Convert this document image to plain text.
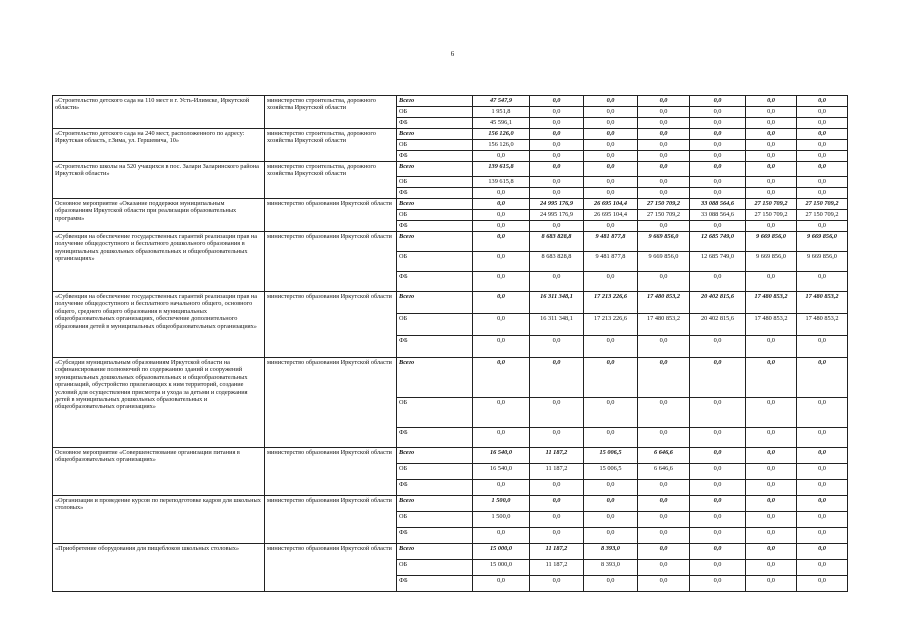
6
«Строительство детского сада на 110 мест в г. Усть-Илимске, Иркутской области»	министерство строительства, дорожного хозяйства Иркутской области	Всего	47 547,9	0,0	0,0	0,0	0,0	0,0	0,0
		ОБ	1 951,8	0,0	0,0	0,0	0,0	0,0	0,0
		ФБ	45 596,1	0,0	0,0	0,0	0,0	0,0	0,0
«Строительство детского сада на 240 мест, расположенного по адресу: Иркутская область, г.Зима, ул. Гершевича, 10»	министерство строительства, дорожного хозяйства Иркутской области	Всего	156 126,0	0,0	0,0	0,0	0,0	0,0	0,0
		ОБ	156 126,0	0,0	0,0	0,0	0,0	0,0	0,0
		ФБ	0,0	0,0	0,0	0,0	0,0	0,0	0,0
«Строительство школы на 520 учащихся в пос. Залари Заларинского района Иркутской области»	министерство строительства, дорожного хозяйства Иркутской области	Всего	139 615,8	0,0	0,0	0,0	0,0	0,0	0,0
		ОБ	139 615,8	0,0	0,0	0,0	0,0	0,0	0,0
		ФБ	0,0	0,0	0,0	0,0	0,0	0,0	0,0
Основное мероприятие «Оказание поддержки муниципальным образованиям Иркутской области при реализации образовательных программ»	министерство образования Иркутской области	Всего	0,0	24 995 176,9	26 695 104,4	27 150 709,2	33 088 564,6	27 150 709,2	27 150 709,2
		ОБ	0,0	24 995 176,9	26 695 104,4	27 150 709,2	33 088 564,6	27 150 709,2	27 150 709,2
		ФБ	0,0	0,0	0,0	0,0	0,0	0,0	0,0
«Субвенция на обеспечение государственных гарантий реализации прав на получение общедоступного и бесплатного дошкольного образования в муниципальных дошкольных образовательных и общеобразовательных организациях»	министерство образования Иркутской области	Всего	0,0	8 683 828,8	9 481 877,8	9 669 856,0	12 685 749,0	9 669 856,0	9 669 856,0
		ОБ	0,0	8 683 828,8	9 481 877,8	9 669 856,0	12 685 749,0	9 669 856,0	9 669 856,0
		ФБ	0,0	0,0	0,0	0,0	0,0	0,0	0,0
«Субвенция на обеспечение государственных гарантий реализации прав на получение общедоступного и бесплатного начального общего, основного общего, среднего общего образования в муниципальных общеобразовательных организациях, обеспечение дополнительного образования детей в муниципальных общеобразовательных организациях»	министерство образования Иркутской области	Всего	0,0	16 311 348,1	17 213 226,6	17 480 853,2	20 402 815,6	17 480 853,2	17 480 853,2
		ОБ	0,0	16 311 348,1	17 213 226,6	17 480 853,2	20 402 815,6	17 480 853,2	17 480 853,2
		ФБ	0,0	0,0	0,0	0,0	0,0	0,0	0,0
«Субсидии муниципальным образованиям Иркутской области на софинансирование полномочий по содержанию зданий и сооружений муниципальных дошкольных образовательных и общеобразовательных организаций, обустройство прилегающих к ним территорий, создание условий для осуществления присмотра и ухода за детьми и содержания детей в муниципальных дошкольных образовательных и общеобразовательных организациях»	министерство образования Иркутской области	Всего	0,0	0,0	0,0	0,0	0,0	0,0	0,0
		ОБ	0,0	0,0	0,0	0,0	0,0	0,0	0,0
		ФБ	0,0	0,0	0,0	0,0	0,0	0,0	0,0
Основное мероприятие «Совершенствование организации питания в общеобразовательных организациях»	министерство образования Иркутской области	Всего	16 540,0	11 187,2	15 006,5	6 646,6	0,0	0,0	0,0
		ОБ	16 540,0	11 187,2	15 006,5	6 646,6	0,0	0,0	0,0
		ФБ	0,0	0,0	0,0	0,0	0,0	0,0	0,0
«Организация и проведение курсов по переподготовке кадров для школьных столовых»	министерство образования Иркутской области	Всего	1 500,0	0,0	0,0	0,0	0,0	0,0	0,0
		ОБ	1 500,0	0,0	0,0	0,0	0,0	0,0	0,0
		ФБ	0,0	0,0	0,0	0,0	0,0	0,0	0,0
«Приобретение оборудования для пищеблоков школьных столовых»	министерство образования Иркутской области	Всего	15 000,0	11 187,2	8 393,0	0,0	0,0	0,0	0,0
		ОБ	15 000,0	11 187,2	8 393,0	0,0	0,0	0,0	0,0
		ФБ	0,0	0,0	0,0	0,0	0,0	0,0	0,0
